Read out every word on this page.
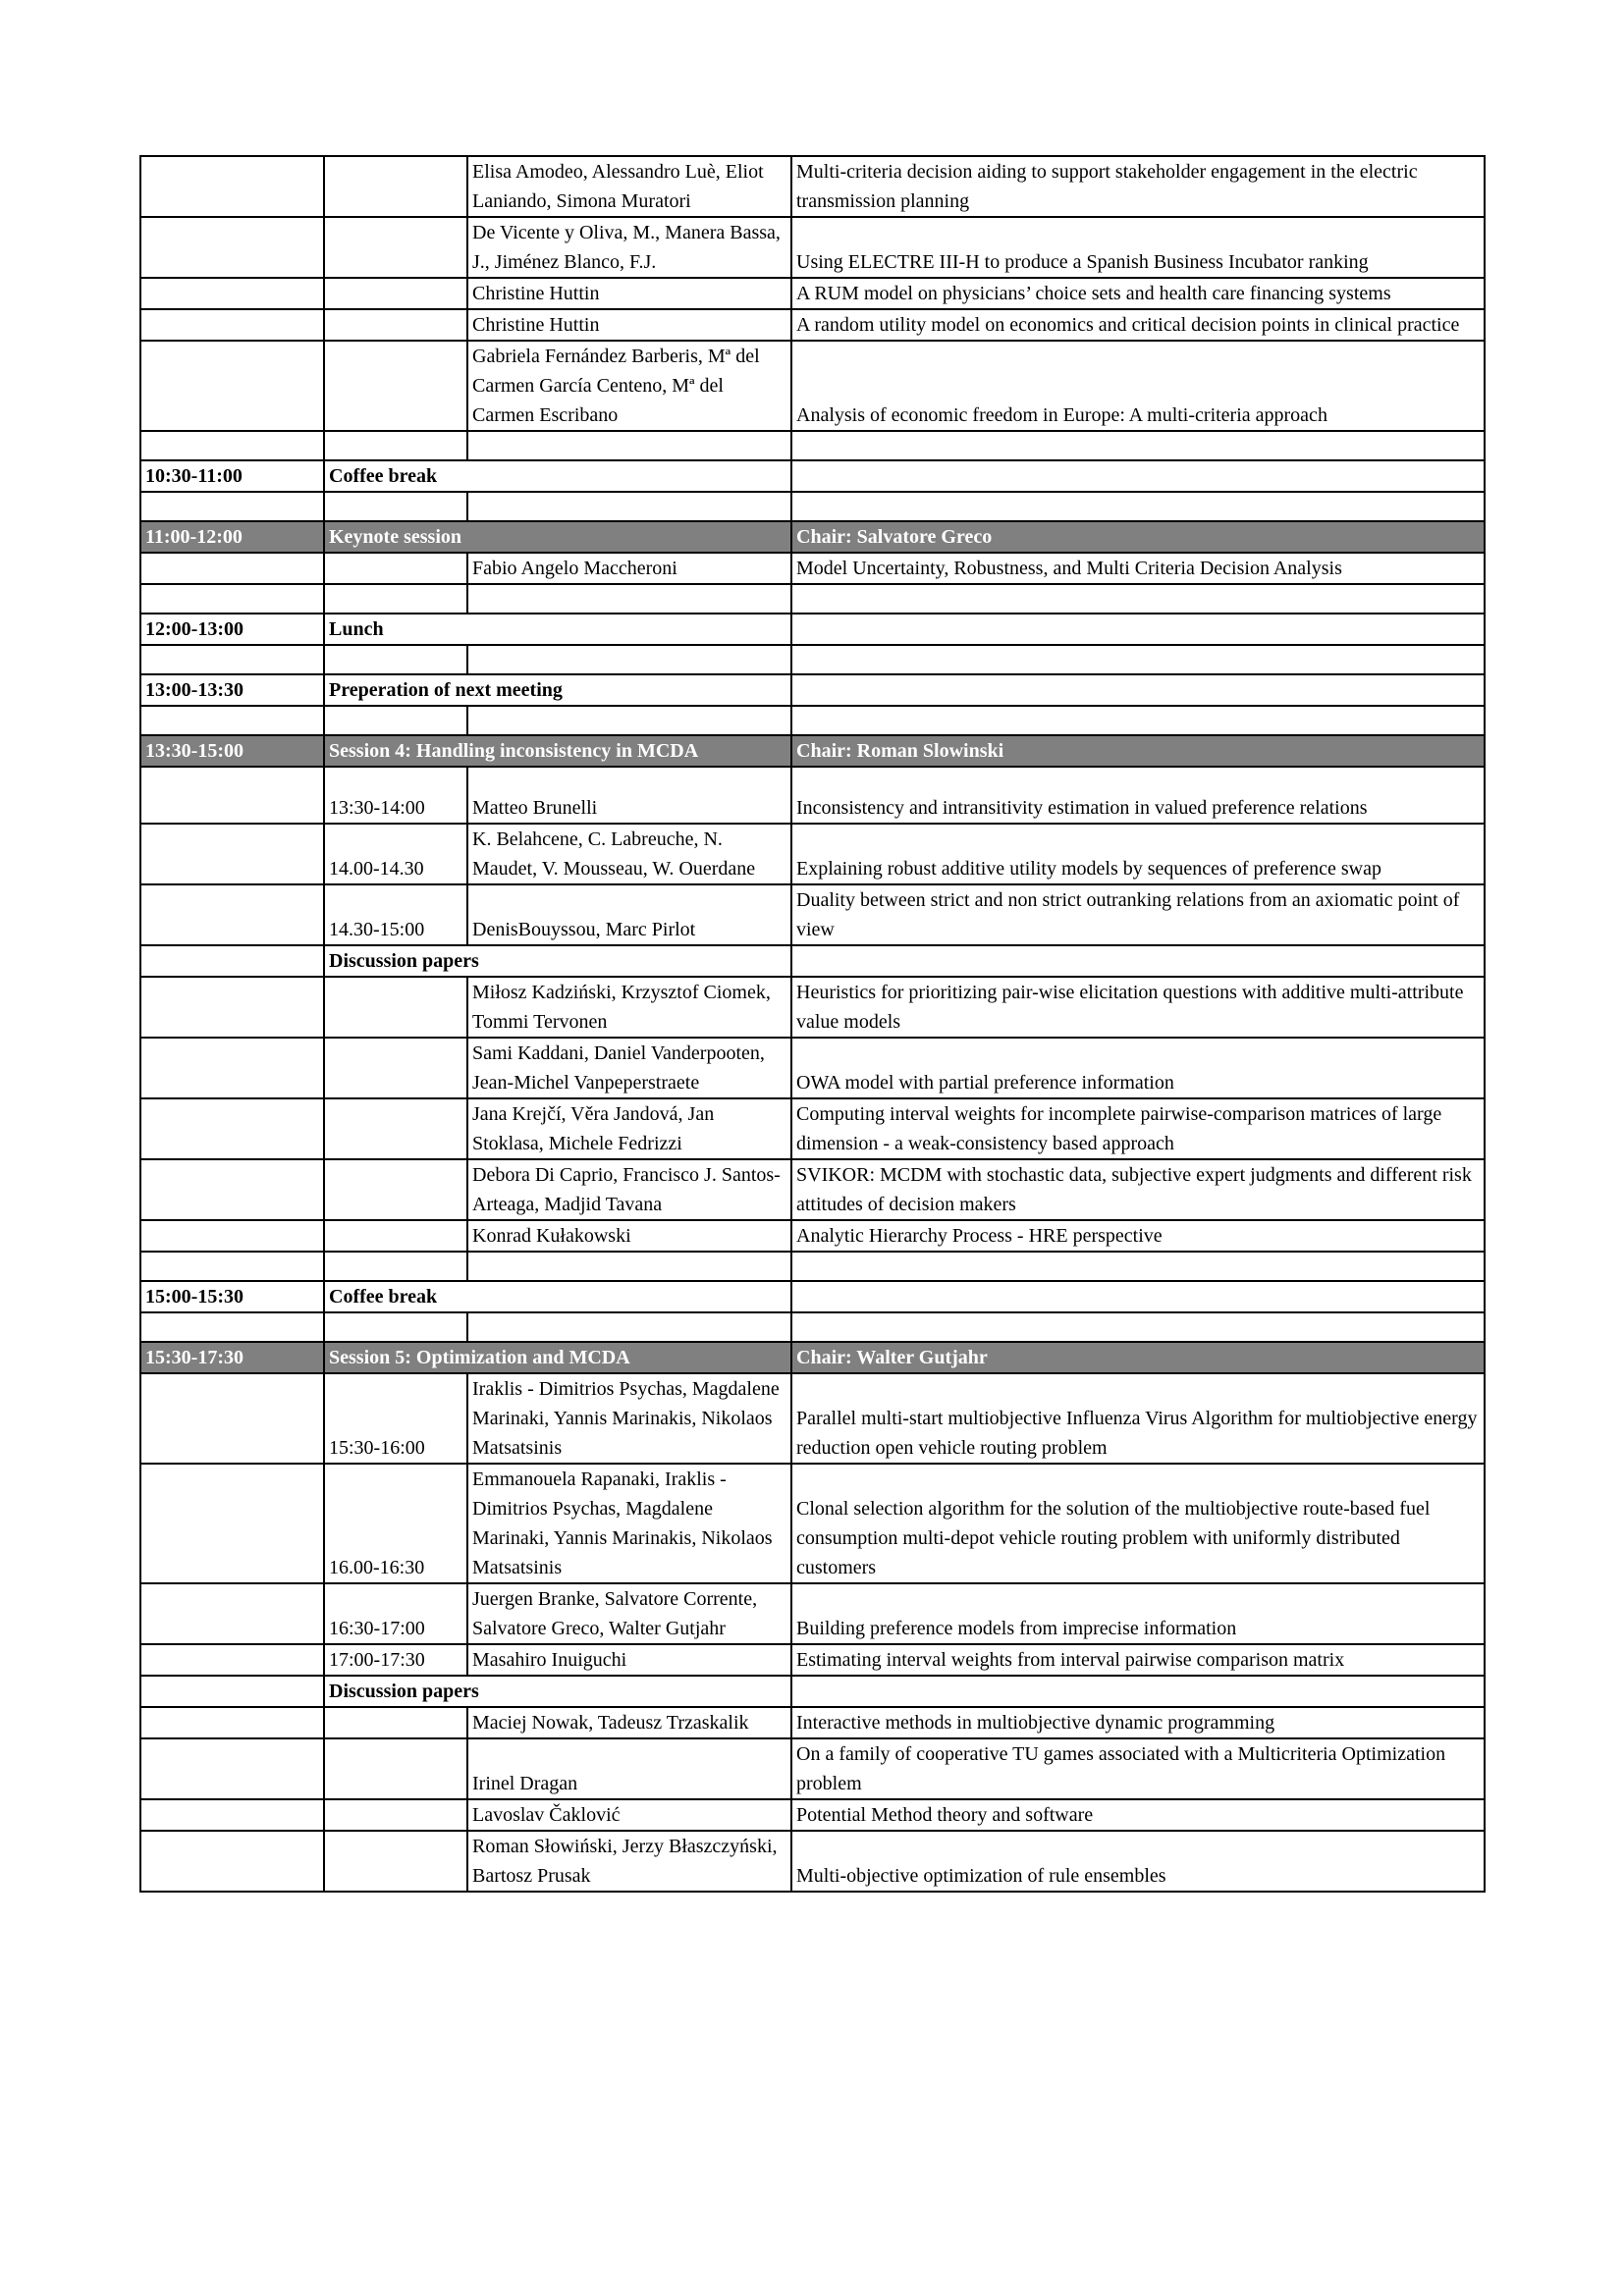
		Elisa Amodeo, Alessandro Luè, Eliot Laniando, Simona Muratori	Multi-criteria decision aiding to support stakeholder engagement in the electric transmission planning
		De Vicente y Oliva, M., Manera Bassa, J., Jiménez Blanco, F.J.	Using ELECTRE III-H to produce a Spanish Business Incubator ranking
		Christine Huttin	A RUM model on physicians’ choice sets and health care financing systems
		Christine Huttin	A random utility model on economics and critical decision points in clinical practice
		Gabriela Fernández Barberis, Mª del Carmen García Centeno, Mª del Carmen Escribano	Analysis of economic freedom in Europe: A multi-criteria approach

10:30-11:00	Coffee break		

11:00-12:00	Keynote session		Chair: Salvatore Greco
		Fabio Angelo Maccheroni	Model Uncertainty, Robustness, and Multi Criteria Decision Analysis

12:00-13:00	Lunch		

13:00-13:30	Preperation of next meeting		

13:30-15:00	Session 4: Handling inconsistency in MCDA		Chair: Roman Slowinski
	13:30-14:00	Matteo Brunelli	Inconsistency and intransitivity estimation in valued preference relations
	14.00-14.30	K. Belahcene, C. Labreuche, N. Maudet, V. Mousseau, W. Ouerdane	Explaining robust additive utility models by sequences of preference swap
	14.30-15:00	DenisBouyssou, Marc Pirlot	Duality between strict and non strict outranking relations from an axiomatic point of view
	Discussion papers		
		Miłosz Kadziński, Krzysztof Ciomek, Tommi Tervonen	Heuristics for prioritizing pair-wise elicitation questions with additive multi-attribute value models
		Sami Kaddani, Daniel Vanderpooten, Jean-Michel Vanpeperstraete	OWA model with partial preference information
		Jana Krejčí, Věra Jandová, Jan Stoklasa, Michele Fedrizzi	Computing interval weights for incomplete pairwise-comparison matrices of large dimension - a weak-consistency based approach
		Debora Di Caprio, Francisco J. Santos-Arteaga, Madjid Tavana	SVIKOR: MCDM with stochastic data, subjective expert judgments and different risk attitudes of decision makers
		Konrad Kułakowski	Analytic Hierarchy Process - HRE perspective

15:00-15:30	Coffee break		

15:30-17:30	Session 5: Optimization and MCDA		Chair: Walter Gutjahr
	15:30-16:00	Iraklis - Dimitrios Psychas, Magdalene Marinaki, Yannis Marinakis, Nikolaos Matsatsinis	Parallel multi-start multiobjective Influenza Virus Algorithm for multiobjective energy reduction open vehicle routing problem
	16.00-16:30	Emmanouela Rapanaki, Iraklis - Dimitrios Psychas, Magdalene Marinaki, Yannis Marinakis, Nikolaos Matsatsinis	Clonal selection algorithm for the solution of the multiobjective route-based fuel consumption multi-depot vehicle routing problem with uniformly distributed customers
	16:30-17:00	Juergen Branke, Salvatore Corrente, Salvatore Greco, Walter Gutjahr	Building preference models from imprecise information
	17:00-17:30	Masahiro Inuiguchi	Estimating interval weights from interval pairwise comparison matrix
	Discussion papers		
		Maciej Nowak, Tadeusz Trzaskalik	Interactive methods in multiobjective dynamic programming
		Irinel Dragan	On a family of cooperative TU games associated with a Multicriteria Optimization problem
		Lavoslav Čaklović	Potential Method theory and software
		Roman Słowiński, Jerzy Błaszczyński, Bartosz Prusak	Multi-objective optimization of rule ensembles
